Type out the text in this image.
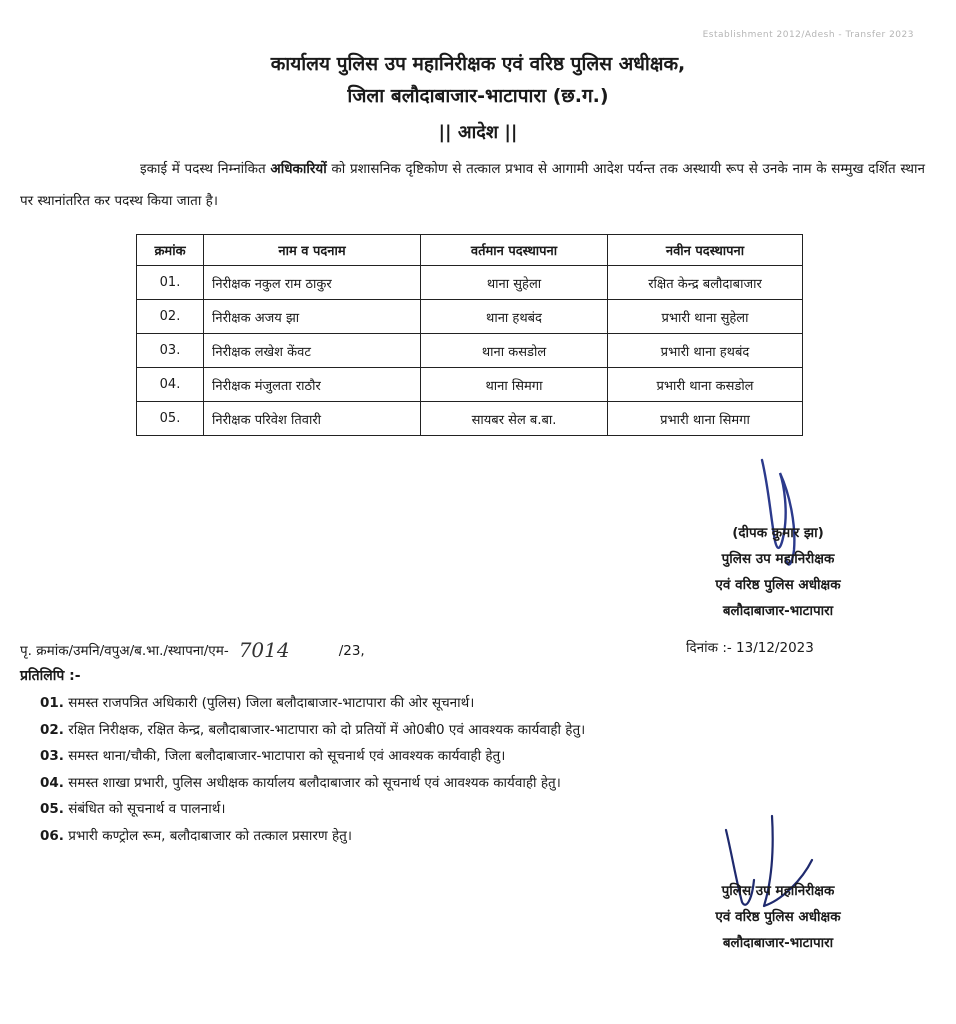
Establishment 2012/Adesh - Transfer 2023
कार्यालय पुलिस उप महानिरीक्षक एवं वरिष्ठ पुलिस अधीक्षक,
जिला बलौदाबाजार-भाटापारा (छ.ग.)
|| आदेश ||
इकाई में पदस्थ निम्नांकित अधिकारियों को प्रशासनिक दृष्टिकोण से तत्काल प्रभाव से आगामी आदेश पर्यन्त तक अस्थायी रूप से उनके नाम के सम्मुख दर्शित स्थान पर स्थानांतरित कर पदस्थ किया जाता है।
क्रमांक	नाम व पदनाम	वर्तमान पदस्थापना	नवीन पदस्थापना
01.	निरीक्षक नकुल राम ठाकुर	थाना सुहेला	रक्षित केन्द्र बलौदाबाजार
02.	निरीक्षक अजय झा	थाना हथबंद	प्रभारी थाना सुहेला
03.	निरीक्षक लखेश केंवट	थाना कसडोल	प्रभारी थाना हथबंद
04.	निरीक्षक मंजुलता राठौर	थाना सिमगा	प्रभारी थाना कसडोल
05.	निरीक्षक परिवेश तिवारी	सायबर सेल ब.बा.	प्रभारी थाना सिमगा
(दीपक कुमार झा)
पुलिस उप महानिरीक्षक
एवं वरिष्ठ पुलिस अधीक्षक
बलौदाबाजार-भाटापारा
पृ. क्रमांक/उमनि/वपुअ/ब.भा./स्थापना/एम- 7014	/23,	दिनांक :- 13/12/2023
प्रतिलिपि :-
01. समस्त राजपत्रित अधिकारी (पुलिस) जिला बलौदाबाजार-भाटापारा की ओर सूचनार्थ।
02. रक्षित निरीक्षक, रक्षित केन्द्र, बलौदाबाजार-भाटापारा को दो प्रतियों में ओ0बी0 एवं आवश्यक कार्यवाही हेतु।
03. समस्त थाना/चौकी, जिला बलौदाबाजार-भाटापारा को सूचनार्थ एवं आवश्यक कार्यवाही हेतु।
04. समस्त शाखा प्रभारी, पुलिस अधीक्षक कार्यालय बलौदाबाजार को सूचनार्थ एवं आवश्यक कार्यवाही हेतु।
05. संबंधित को सूचनार्थ व पालनार्थ।
06. प्रभारी कण्ट्रोल रूम, बलौदाबाजार को तत्काल प्रसारण हेतु।
पुलिस उप महानिरीक्षक
एवं वरिष्ठ पुलिस अधीक्षक
बलौदाबाजार-भाटापारा
